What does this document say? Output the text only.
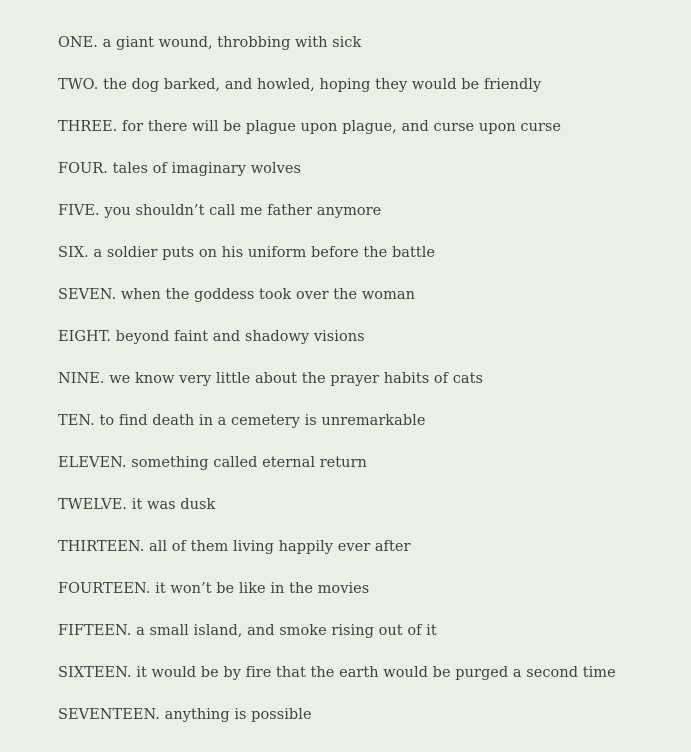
ONE. a giant wound, throbbing with sick
TWO. the dog barked, and howled, hoping they would be friendly
THREE. for there will be plague upon plague, and curse upon curse
FOUR. tales of imaginary wolves
FIVE. you shouldn’t call me father anymore
SIX. a soldier puts on his uniform before the battle
SEVEN. when the goddess took over the woman
EIGHT. beyond faint and shadowy visions
NINE. we know very little about the prayer habits of cats
TEN. to find death in a cemetery is unremarkable
ELEVEN. something called eternal return
TWELVE. it was dusk
THIRTEEN. all of them living happily ever after
FOURTEEN. it won’t be like in the movies
FIFTEEN. a small island, and smoke rising out of it
SIXTEEN. it would be by fire that the earth would be purged a second time
SEVENTEEN. anything is possible
